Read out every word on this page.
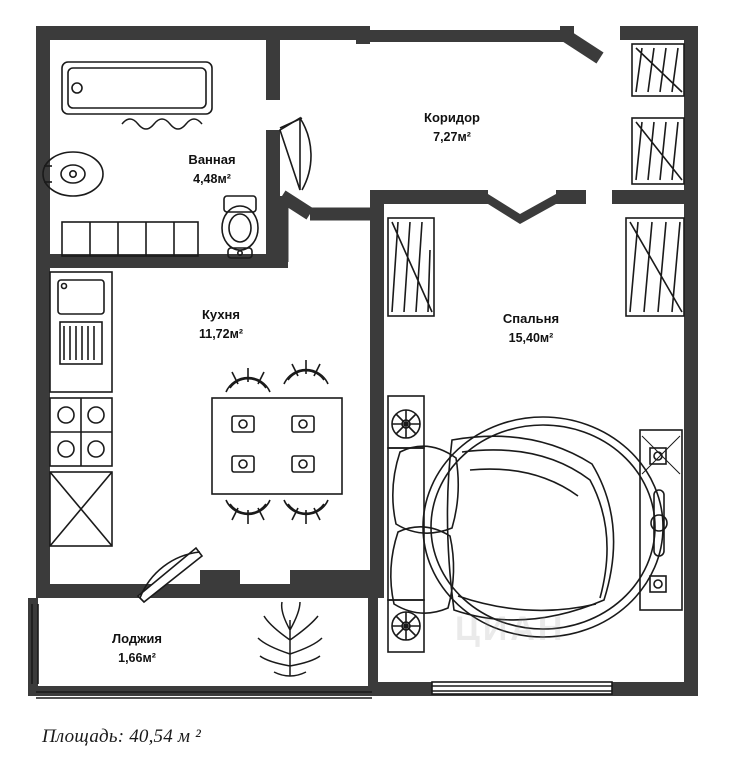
Ванная
4,48м²
Коридор
7,27м²
Кухня
11,72м²
Спальня
15,40м²
Лоджия
1,66м²
ЦИАН
Площадь: 40,54 м ²
